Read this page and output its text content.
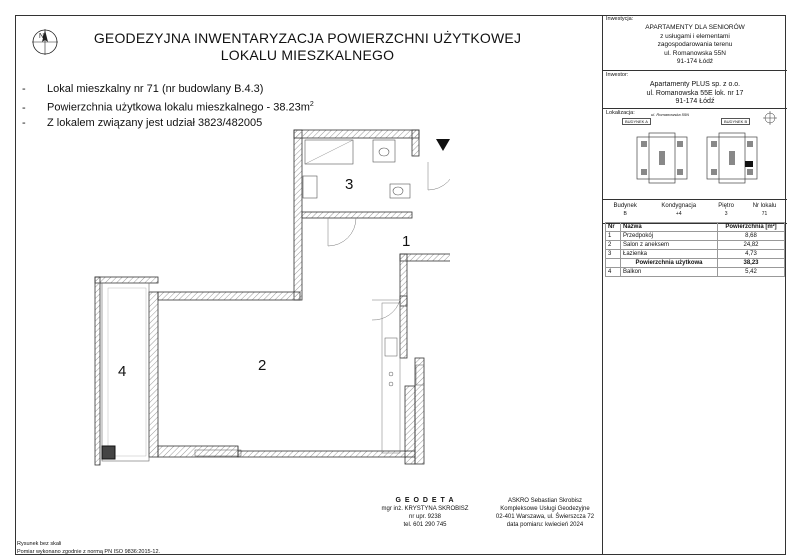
N	GEODEZYJNA INWENTARYZACJA POWIERZCHNI UŻYTKOWEJ
LOKALU MIESZKALNEGO
- Lokal mieszkalny nr 71 (nr budowlany B.4.3)
- Powierzchnia użytkowa lokalu mieszkalnego - $38.23m^2$
- Z lokalem związany jest udział 3823/482005
1
2
3
4
Inwestycja:
APARTAMENTY DLA SENIORÓW
z usługami i elementami
zagospodarowania terenu
ul. Romanowska 55N
91-174 Łódź
Inwestor:
Apartamenty PLUS sp. z o.o.
ul. Romanowska 55E lok. nr 17
91-174 Łódź
Lokalizacja:	ul. Romanowska 55N
BUDYNEK A	BUDYNEK B
Budynek	Kondygnacja	Piętro	Nr lokalu
B	+4	3	71
Nr	Nazwa	Powierzchnia [m²]
1	Przedpokój	8,68
2	Salon z aneksem	24,82
3	Łazienka	4,73
	Powierzchnia użytkowa	38,23
4	Balkon	5,42
G E O D E T A
mgr inż. KRYSTYNA SKROBISZ
nr upr. 9238
tel. 601 290 745
ASKRO Sebastian Skrobisz
Kompleksowe Usługi Geodezyjne
02-401 Warszawa, ul. Świerszcza 72
data pomiaru: kwiecień 2024
Rysunek bez skali
Pomiar wykonano zgodnie z normą PN ISO 9836:2015-12.
